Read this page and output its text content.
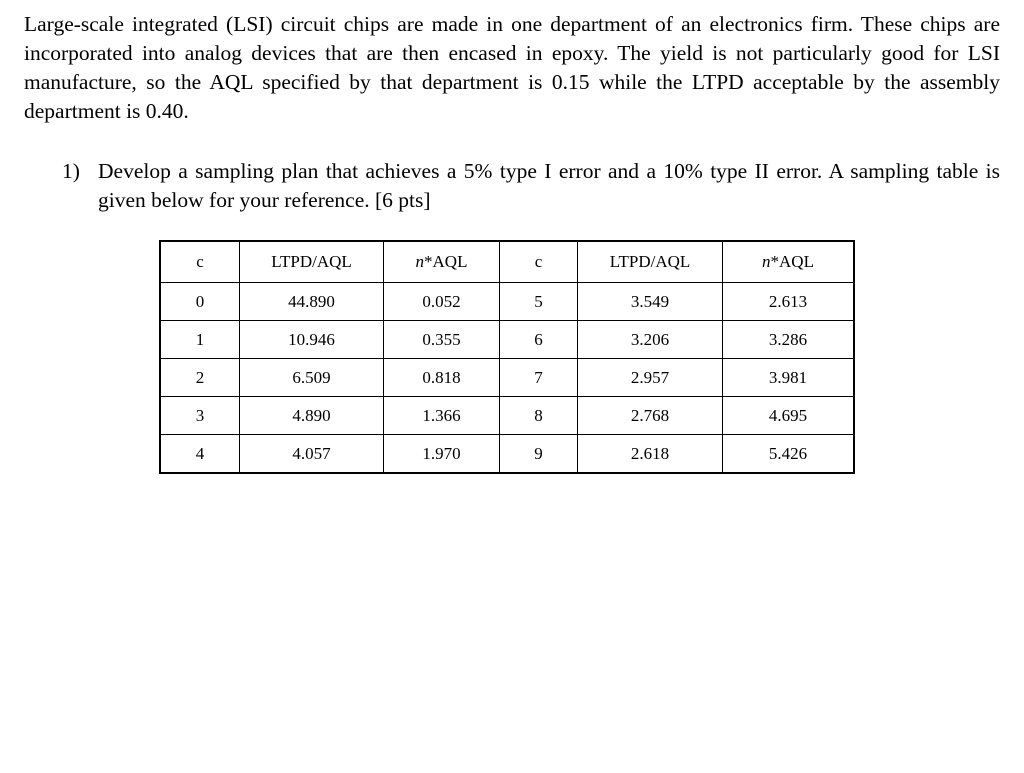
Large-scale integrated (LSI) circuit chips are made in one department of an electronics firm. These chips are incorporated into analog devices that are then encased in epoxy. The yield is not particularly good for LSI manufacture, so the AQL specified by that department is 0.15 while the LTPD acceptable by the assembly department is 0.40.

1) Develop a sampling plan that achieves a 5% type I error and a 10% type II error. A sampling table is given below for your reference. [6 pts]
c	LTPD/AQL	n*AQL	c	LTPD/AQL	n*AQL
0	44.890	0.052	5	3.549	2.613
1	10.946	0.355	6	3.206	3.286
2	6.509	0.818	7	2.957	3.981
3	4.890	1.366	8	2.768	4.695
4	4.057	1.970	9	2.618	5.426
